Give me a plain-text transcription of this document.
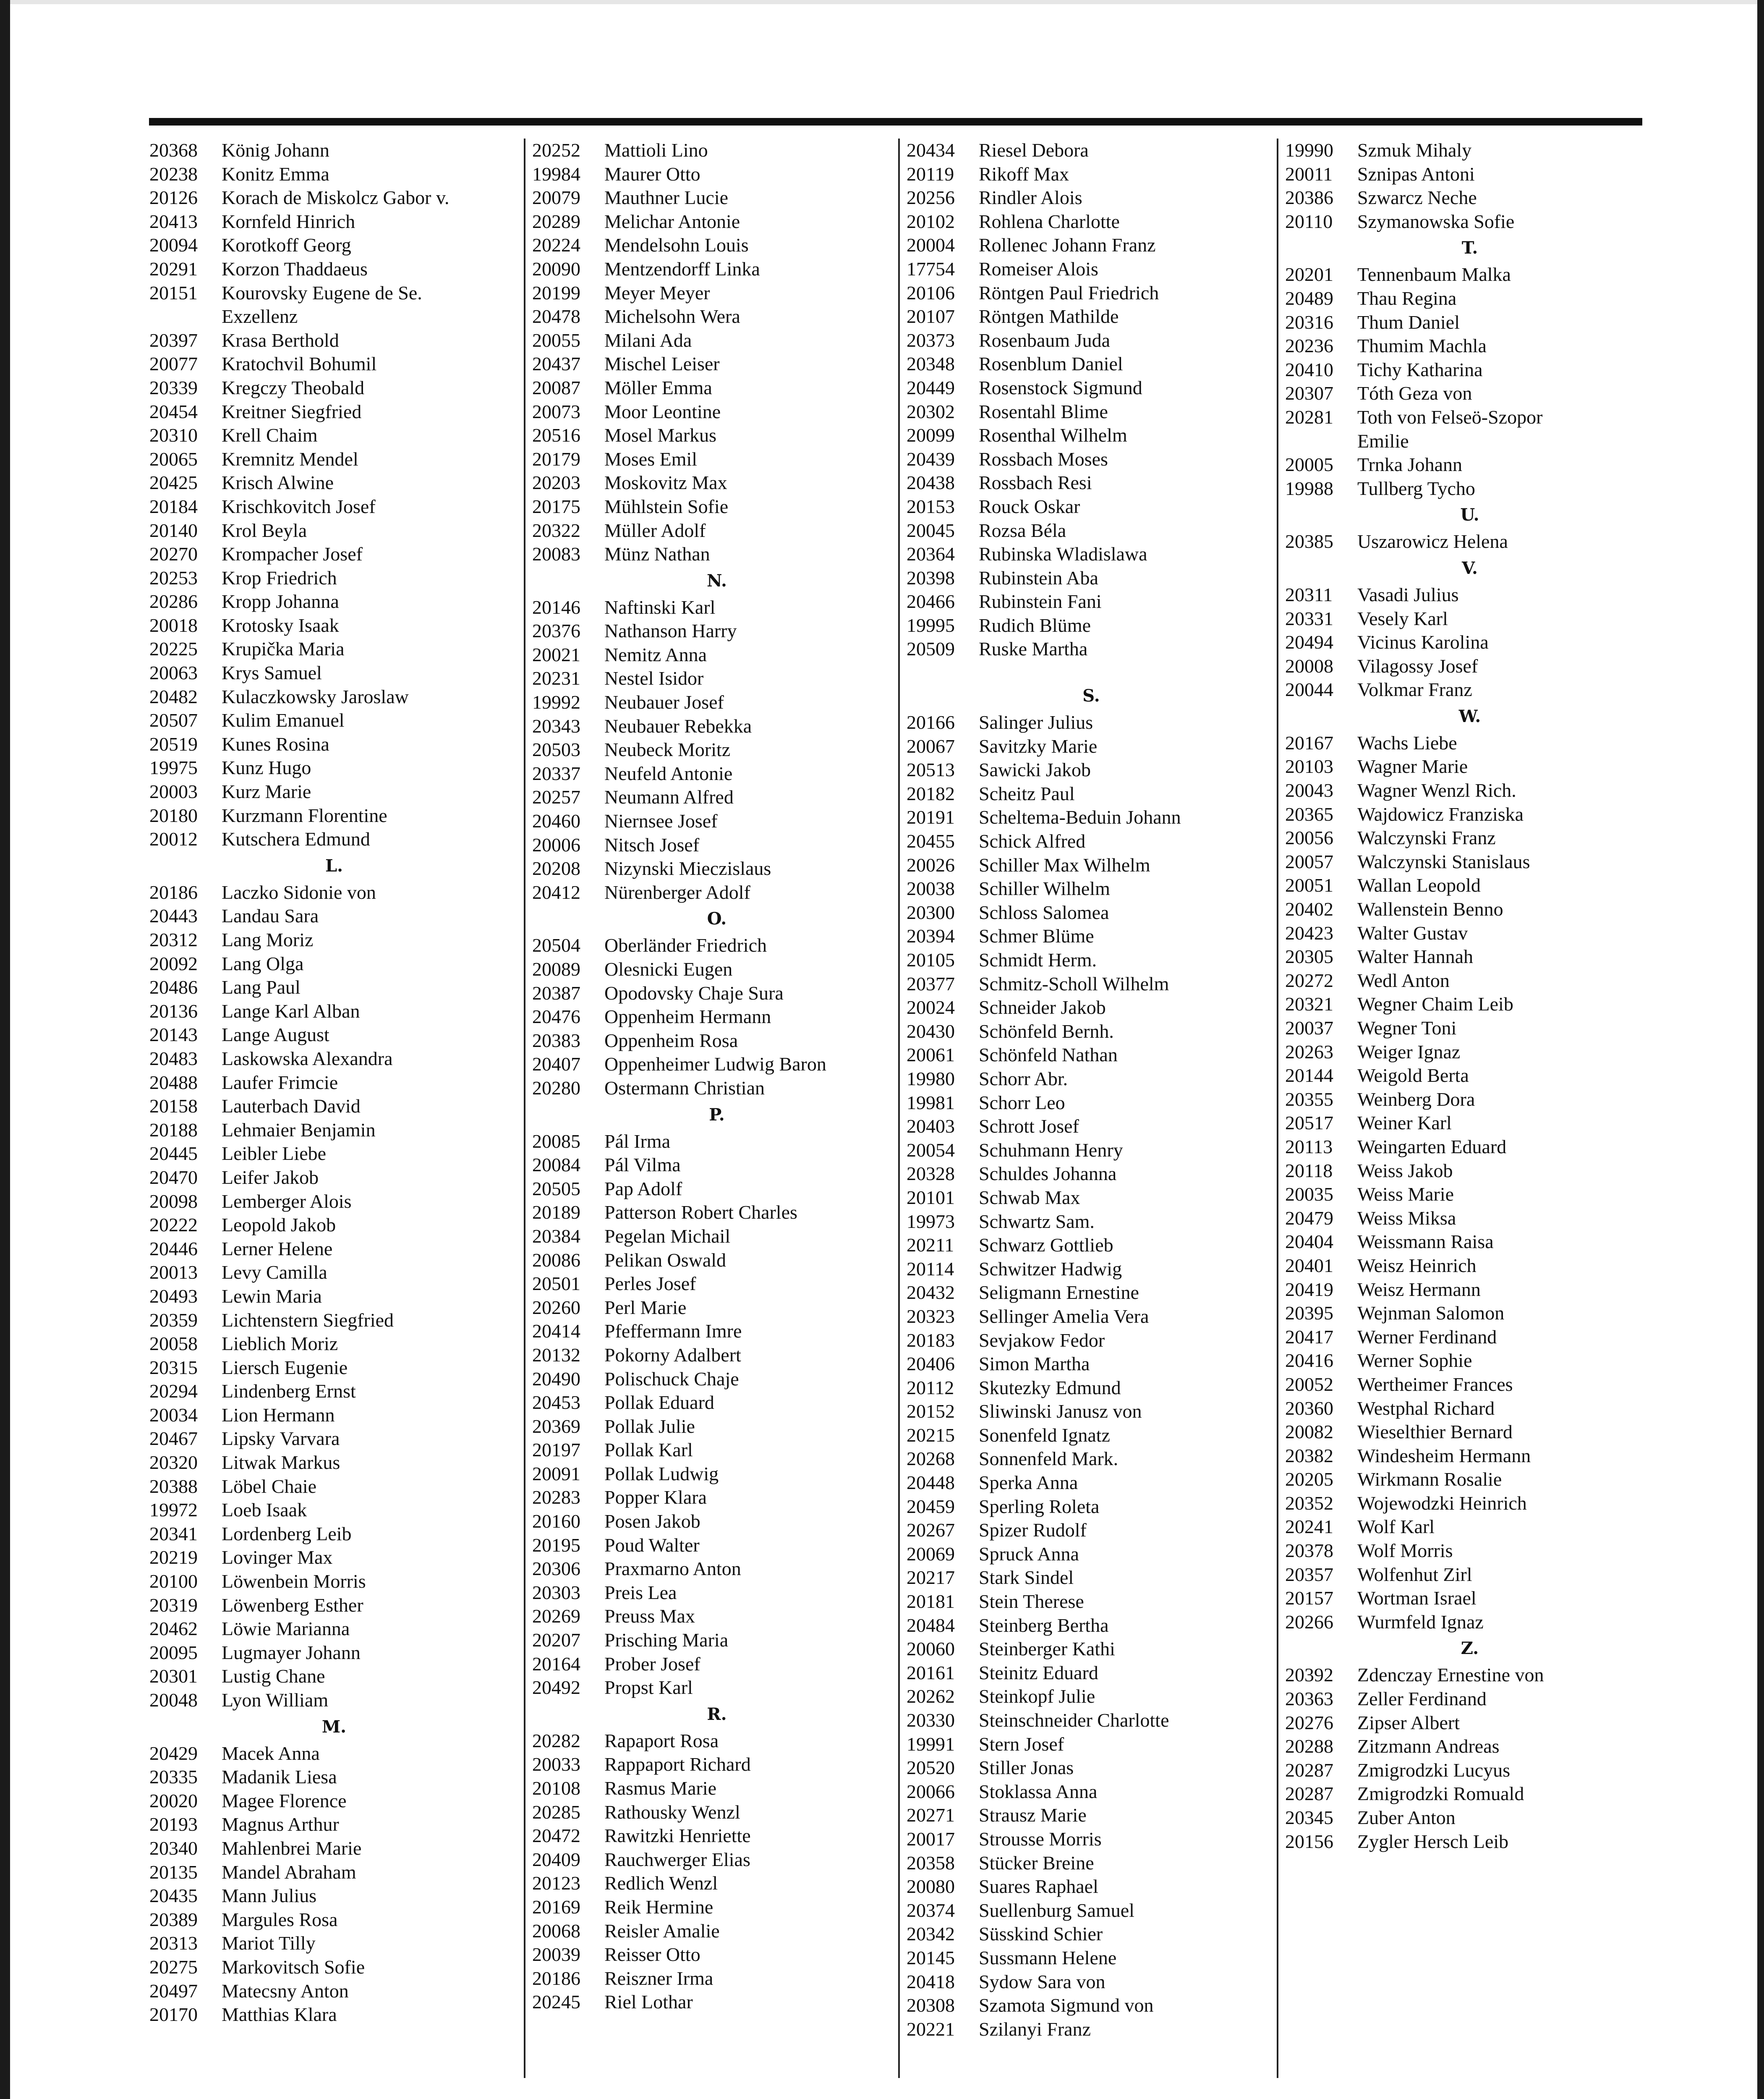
20368	König Johann
20238	Konitz Emma
20126	Korach de Miskolcz Gabor v.
20413	Kornfeld Hinrich
20094	Korotkoff Georg
20291	Korzon Thaddaeus
20151	Kourovsky Eugene de Se.
Exzellenz
20397	Krasa Berthold
20077	Kratochvil Bohumil
20339	Kregczy Theobald
20454	Kreitner Siegfried
20310	Krell Chaim
20065	Kremnitz Mendel
20425	Krisch Alwine
20184	Krischkovitch Josef
20140	Krol Beyla
20270	Krompacher Josef
20253	Krop Friedrich
20286	Kropp Johanna
20018	Krotosky Isaak
20225	Krupička Maria
20063	Krys Samuel
20482	Kulaczkowsky Jaroslaw
20507	Kulim Emanuel
20519	Kunes Rosina
19975	Kunz Hugo
20003	Kurz Marie
20180	Kurzmann Florentine
20012	Kutschera Edmund
L.
20186	Laczko Sidonie von
20443	Landau Sara
20312	Lang Moriz
20092	Lang Olga
20486	Lang Paul
20136	Lange Karl Alban
20143	Lange August
20483	Laskowska Alexandra
20488	Laufer Frimcie
20158	Lauterbach David
20188	Lehmaier Benjamin
20445	Leibler Liebe
20470	Leifer Jakob
20098	Lemberger Alois
20222	Leopold Jakob
20446	Lerner Helene
20013	Levy Camilla
20493	Lewin Maria
20359	Lichtenstern Siegfried
20058	Lieblich Moriz
20315	Liersch Eugenie
20294	Lindenberg Ernst
20034	Lion Hermann
20467	Lipsky Varvara
20320	Litwak Markus
20388	Löbel Chaie
19972	Loeb Isaak
20341	Lordenberg Leib
20219	Lovinger Max
20100	Löwenbein Morris
20319	Löwenberg Esther
20462	Löwie Marianna
20095	Lugmayer Johann
20301	Lustig Chane
20048	Lyon William
M.
20429	Macek Anna
20335	Madanik Liesa
20020	Magee Florence
20193	Magnus Arthur
20340	Mahlenbrei Marie
20135	Mandel Abraham
20435	Mann Julius
20389	Margules Rosa
20313	Mariot Tilly
20275	Markovitsch Sofie
20497	Matecsny Anton
20170	Matthias Klara
20252	Mattioli Lino
19984	Maurer Otto
20079	Mauthner Lucie
20289	Melichar Antonie
20224	Mendelsohn Louis
20090	Mentzendorff Linka
20199	Meyer Meyer
20478	Michelsohn Wera
20055	Milani Ada
20437	Mischel Leiser
20087	Möller Emma
20073	Moor Leontine
20516	Mosel Markus
20179	Moses Emil
20203	Moskovitz Max
20175	Mühlstein Sofie
20322	Müller Adolf
20083	Münz Nathan
N.
20146	Naftinski Karl
20376	Nathanson Harry
20021	Nemitz Anna
20231	Nestel Isidor
19992	Neubauer Josef
20343	Neubauer Rebekka
20503	Neubeck Moritz
20337	Neufeld Antonie
20257	Neumann Alfred
20460	Niernsee Josef
20006	Nitsch Josef
20208	Nizynski Mieczislaus
20412	Nürenberger Adolf
O.
20504	Oberländer Friedrich
20089	Olesnicki Eugen
20387	Opodovsky Chaje Sura
20476	Oppenheim Hermann
20383	Oppenheim Rosa
20407	Oppenheimer Ludwig Baron
20280	Ostermann Christian
P.
20085	Pál Irma
20084	Pál Vilma
20505	Pap Adolf
20189	Patterson Robert Charles
20384	Pegelan Michail
20086	Pelikan Oswald
20501	Perles Josef
20260	Perl Marie
20414	Pfeffermann Imre
20132	Pokorny Adalbert
20490	Polischuck Chaje
20453	Pollak Eduard
20369	Pollak Julie
20197	Pollak Karl
20091	Pollak Ludwig
20283	Popper Klara
20160	Posen Jakob
20195	Poud Walter
20306	Praxmarno Anton
20303	Preis Lea
20269	Preuss Max
20207	Prisching Maria
20164	Prober Josef
20492	Propst Karl
R.
20282	Rapaport Rosa
20033	Rappaport Richard
20108	Rasmus Marie
20285	Rathousky Wenzl
20472	Rawitzki Henriette
20409	Rauchwerger Elias
20123	Redlich Wenzl
20169	Reik Hermine
20068	Reisler Amalie
20039	Reisser Otto
20186	Reiszner Irma
20245	Riel Lothar
20434	Riesel Debora
20119	Rikoff Max
20256	Rindler Alois
20102	Rohlena Charlotte
20004	Rollenec Johann Franz
17754	Romeiser Alois
20106	Röntgen Paul Friedrich
20107	Röntgen Mathilde
20373	Rosenbaum Juda
20348	Rosenblum Daniel
20449	Rosenstock Sigmund
20302	Rosentahl Blime
20099	Rosenthal Wilhelm
20439	Rossbach Moses
20438	Rossbach Resi
20153	Rouck Oskar
20045	Rozsa Béla
20364	Rubinska Wladislawa
20398	Rubinstein Aba
20466	Rubinstein Fani
19995	Rudich Blüme
20509	Ruske Martha
S.
20166	Salinger Julius
20067	Savitzky Marie
20513	Sawicki Jakob
20182	Scheitz Paul
20191	Scheltema-Beduin Johann
20455	Schick Alfred
20026	Schiller Max Wilhelm
20038	Schiller Wilhelm
20300	Schloss Salomea
20394	Schmer Blüme
20105	Schmidt Herm.
20377	Schmitz-Scholl Wilhelm
20024	Schneider Jakob
20430	Schönfeld Bernh.
20061	Schönfeld Nathan
19980	Schorr Abr.
19981	Schorr Leo
20403	Schrott Josef
20054	Schuhmann Henry
20328	Schuldes Johanna
20101	Schwab Max
19973	Schwartz Sam.
20211	Schwarz Gottlieb
20114	Schwitzer Hadwig
20432	Seligmann Ernestine
20323	Sellinger Amelia Vera
20183	Sevjakow Fedor
20406	Simon Martha
20112	Skutezky Edmund
20152	Sliwinski Janusz von
20215	Sonenfeld Ignatz
20268	Sonnenfeld Mark.
20448	Sperka Anna
20459	Sperling Roleta
20267	Spizer Rudolf
20069	Spruck Anna
20217	Stark Sindel
20181	Stein Therese
20484	Steinberg Bertha
20060	Steinberger Kathi
20161	Steinitz Eduard
20262	Steinkopf Julie
20330	Steinschneider Charlotte
19991	Stern Josef
20520	Stiller Jonas
20066	Stoklassa Anna
20271	Strausz Marie
20017	Strousse Morris
20358	Stücker Breine
20080	Suares Raphael
20374	Suellenburg Samuel
20342	Süsskind Schier
20145	Sussmann Helene
20418	Sydow Sara von
20308	Szamota Sigmund von
20221	Szilanyi Franz
19990	Szmuk Mihaly
20011	Sznipas Antoni
20386	Szwarcz Neche
20110	Szymanowska Sofie
T.
20201	Tennenbaum Malka
20489	Thau Regina
20316	Thum Daniel
20236	Thumim Machla
20410	Tichy Katharina
20307	Tóth Geza von
20281	Toth von Felseö-Szopor
Emilie
20005	Trnka Johann
19988	Tullberg Tycho
U.
20385	Uszarowicz Helena
V.
20311	Vasadi Julius
20331	Vesely Karl
20494	Vicinus Karolina
20008	Vilagossy Josef
20044	Volkmar Franz
W.
20167	Wachs Liebe
20103	Wagner Marie
20043	Wagner Wenzl Rich.
20365	Wajdowicz Franziska
20056	Walczynski Franz
20057	Walczynski Stanislaus
20051	Wallan Leopold
20402	Wallenstein Benno
20423	Walter Gustav
20305	Walter Hannah
20272	Wedl Anton
20321	Wegner Chaim Leib
20037	Wegner Toni
20263	Weiger Ignaz
20144	Weigold Berta
20355	Weinberg Dora
20517	Weiner Karl
20113	Weingarten Eduard
20118	Weiss Jakob
20035	Weiss Marie
20479	Weiss Miksa
20404	Weissmann Raisa
20401	Weisz Heinrich
20419	Weisz Hermann
20395	Wejnman Salomon
20417	Werner Ferdinand
20416	Werner Sophie
20052	Wertheimer Frances
20360	Westphal Richard
20082	Wieselthier Bernard
20382	Windesheim Hermann
20205	Wirkmann Rosalie
20352	Wojewodzki Heinrich
20241	Wolf Karl
20378	Wolf Morris
20357	Wolfenhut Zirl
20157	Wortman Israel
20266	Wurmfeld Ignaz
Z.
20392	Zdenczay Ernestine von
20363	Zeller Ferdinand
20276	Zipser Albert
20288	Zitzmann Andreas
20287	Zmigrodzki Lucyus
20287	Zmigrodzki Romuald
20345	Zuber Anton
20156	Zygler Hersch Leib
